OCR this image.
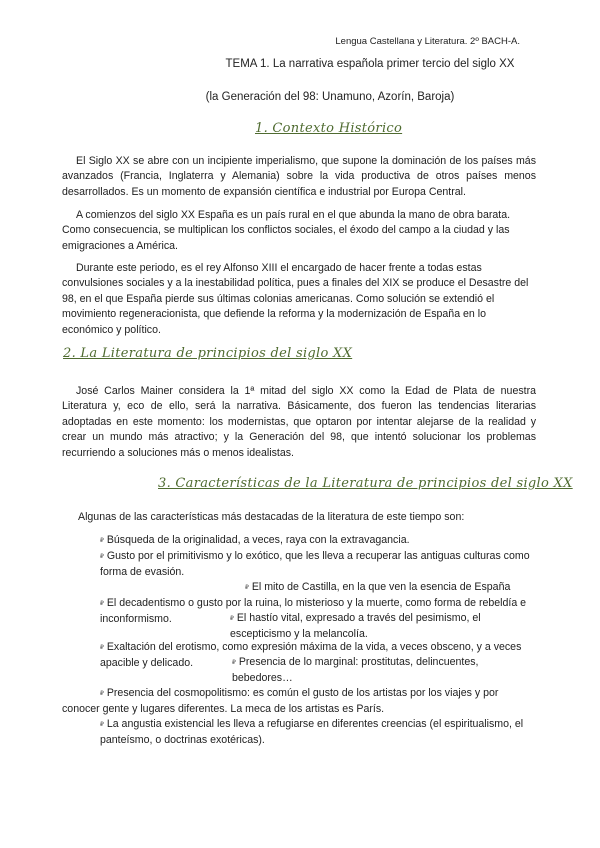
Lengua Castellana y Literatura. 2º BACH-A.
TEMA 1. La narrativa española primer tercio del siglo XX
(la Generación del 98: Unamuno, Azorín, Baroja)
1. Contexto Histórico
El Siglo XX se abre con un incipiente imperialismo, que supone la dominación de los países más avanzados (Francia, Inglaterra y Alemania) sobre la vida productiva de otros países menos desarrollados. Es un momento de expansión científica e industrial por Europa Central.
A comienzos del siglo XX España es un país rural en el que abunda la mano de obra barata. Como consecuencia, se multiplican los conflictos sociales, el éxodo del campo a la ciudad y las emigraciones a América.
Durante este periodo, es el rey Alfonso XIII el encargado de hacer frente a todas estas convulsiones sociales y a la inestabilidad política, pues a finales del XIX se produce el Desastre del 98, en el que España pierde sus últimas colonias americanas. Como solución se extendió el movimiento regeneracionista, que defiende la reforma y la modernización de España en lo económico y político.
2. La Literatura de principios del siglo XX
José Carlos Mainer considera la 1ª mitad del siglo XX como la Edad de Plata de nuestra Literatura y, eco de ello, será la narrativa. Básicamente, dos fueron las tendencias literarias adoptadas en este momento: los modernistas, que optaron por intentar alejarse de la realidad y crear un mundo más atractivo; y la Generación del 98, que intentó solucionar los problemas recurriendo a soluciones más o menos idealistas.
3. Características de la Literatura de principios del siglo XX
Algunas de las características más destacadas de la literatura de este tiempo son:
₽ Búsqueda de la originalidad, a veces, raya con la extravagancia.
₽ Gusto por el primitivismo y lo exótico, que les lleva a recuperar las antiguas culturas como forma de evasión.
₽ El mito de Castilla, en la que ven la esencia de España
₽ El decadentismo o gusto por la ruina, lo misterioso y la muerte, como forma de rebeldía e inconformismo.	₽ El hastío vital, expresado a través del pesimismo, el escepticismo y la melancolía.
₽ Exaltación del erotismo, como expresión máxima de la vida, a veces obsceno, y a veces apacible y delicado.	₽ Presencia de lo marginal: prostitutas, delincuentes, bebedores…
₽ Presencia del cosmopolitismo: es común el gusto de los artistas por los viajes y por conocer gente y lugares diferentes. La meca de los artistas es París.
₽ La angustia existencial les lleva a refugiarse en diferentes creencias (el espiritualismo, el panteísmo, o doctrinas exotéricas).
